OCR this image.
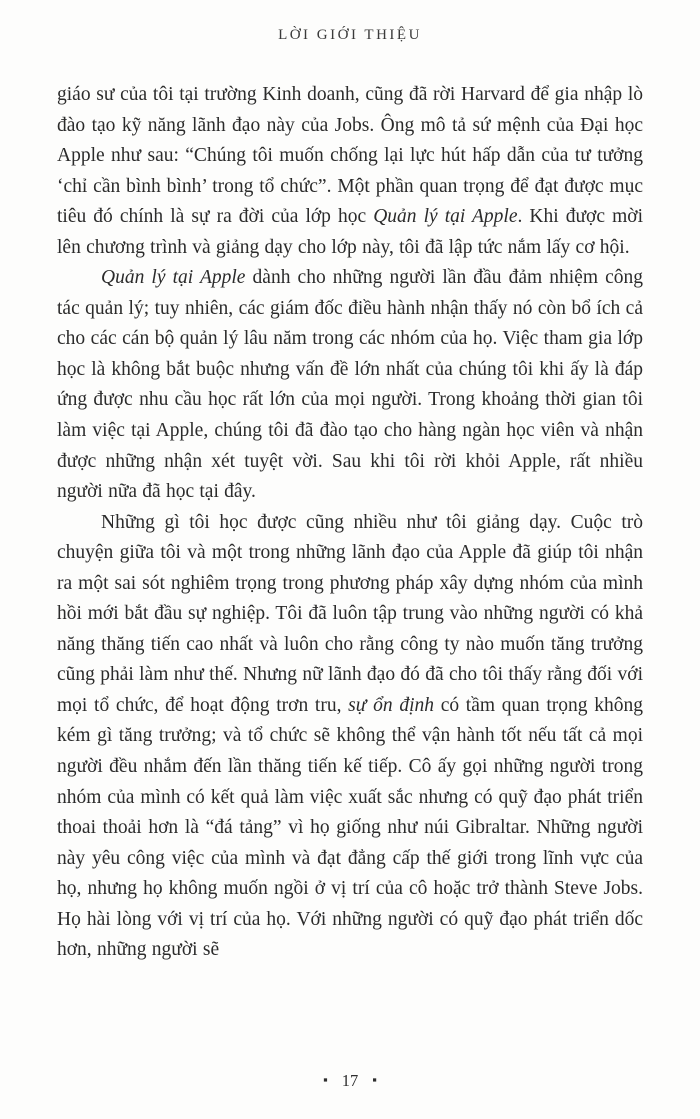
LỜI GIỚI THIỆU

giáo sư của tôi tại trường Kinh doanh, cũng đã rời Harvard để gia nhập lò đào tạo kỹ năng lãnh đạo này của Jobs. Ông mô tả sứ mệnh của Đại học Apple như sau: “Chúng tôi muốn chống lại lực hút hấp dẫn của tư tưởng ‘chỉ cần bình bình’ trong tổ chức”. Một phần quan trọng để đạt được mục tiêu đó chính là sự ra đời của lớp học Quản lý tại Apple. Khi được mời lên chương trình và giảng dạy cho lớp này, tôi đã lập tức nắm lấy cơ hội.

Quản lý tại Apple dành cho những người lần đầu đảm nhiệm công tác quản lý; tuy nhiên, các giám đốc điều hành nhận thấy nó còn bổ ích cả cho các cán bộ quản lý lâu năm trong các nhóm của họ. Việc tham gia lớp học là không bắt buộc nhưng vấn đề lớn nhất của chúng tôi khi ấy là đáp ứng được nhu cầu học rất lớn của mọi người. Trong khoảng thời gian tôi làm việc tại Apple, chúng tôi đã đào tạo cho hàng ngàn học viên và nhận được những nhận xét tuyệt vời. Sau khi tôi rời khỏi Apple, rất nhiều người nữa đã học tại đây.

Những gì tôi học được cũng nhiều như tôi giảng dạy. Cuộc trò chuyện giữa tôi và một trong những lãnh đạo của Apple đã giúp tôi nhận ra một sai sót nghiêm trọng trong phương pháp xây dựng nhóm của mình hồi mới bắt đầu sự nghiệp. Tôi đã luôn tập trung vào những người có khả năng thăng tiến cao nhất và luôn cho rằng công ty nào muốn tăng trưởng cũng phải làm như thế. Nhưng nữ lãnh đạo đó đã cho tôi thấy rằng đối với mọi tổ chức, để hoạt động trơn tru, sự ổn định có tầm quan trọng không kém gì tăng trưởng; và tổ chức sẽ không thể vận hành tốt nếu tất cả mọi người đều nhắm đến lần thăng tiến kế tiếp. Cô ấy gọi những người trong nhóm của mình có kết quả làm việc xuất sắc nhưng có quỹ đạo phát triển thoai thoải hơn là “đá tảng” vì họ giống như núi Gibraltar. Những người này yêu công việc của mình và đạt đẳng cấp thế giới trong lĩnh vực của họ, nhưng họ không muốn ngồi ở vị trí của cô hoặc trở thành Steve Jobs. Họ hài lòng với vị trí của họ. Với những người có quỹ đạo phát triển dốc hơn, những người sẽ

▪ 17 ▪
